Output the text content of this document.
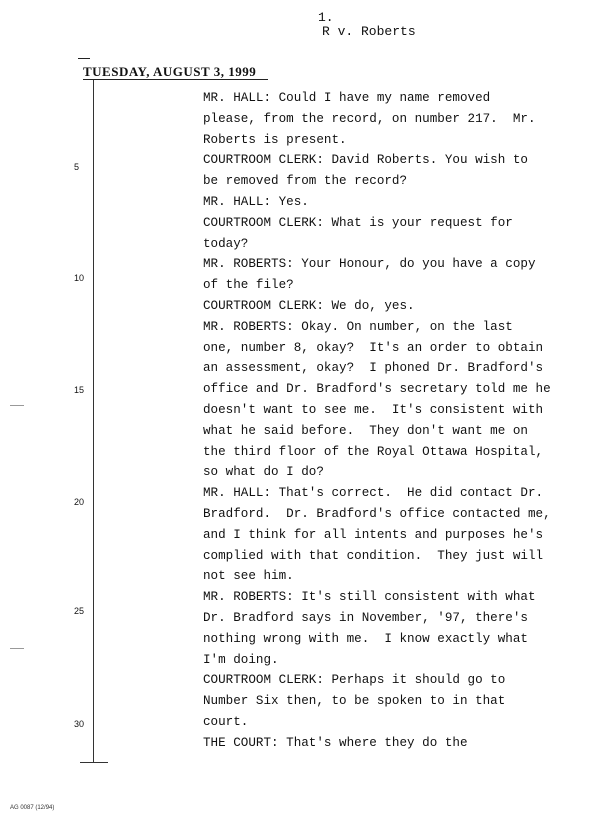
1.
R v. Roberts
TUESDAY, AUGUST 3, 1999
5
10
15
20
25
30
MR. HALL: Could I have my name removed
please, from the record, on number 217.  Mr.
Roberts is present.
COURTROOM CLERK: David Roberts. You wish to
be removed from the record?
MR. HALL: Yes.
COURTROOM CLERK: What is your request for
today?
MR. ROBERTS: Your Honour, do you have a copy
of the file?
COURTROOM CLERK: We do, yes.
MR. ROBERTS: Okay. On number, on the last
one, number 8, okay?  It's an order to obtain
an assessment, okay?  I phoned Dr. Bradford's
office and Dr. Bradford's secretary told me he
doesn't want to see me.  It's consistent with
what he said before.  They don't want me on
the third floor of the Royal Ottawa Hospital,
so what do I do?
MR. HALL: That's correct.  He did contact Dr.
Bradford.  Dr. Bradford's office contacted me,
and I think for all intents and purposes he's
complied with that condition.  They just will
not see him.
MR. ROBERTS: It's still consistent with what
Dr. Bradford says in November, '97, there's
nothing wrong with me.  I know exactly what
I'm doing.
COURTROOM CLERK: Perhaps it should go to
Number Six then, to be spoken to in that
court.
THE COURT: That's where they do the
AG 0087 (12/94)
